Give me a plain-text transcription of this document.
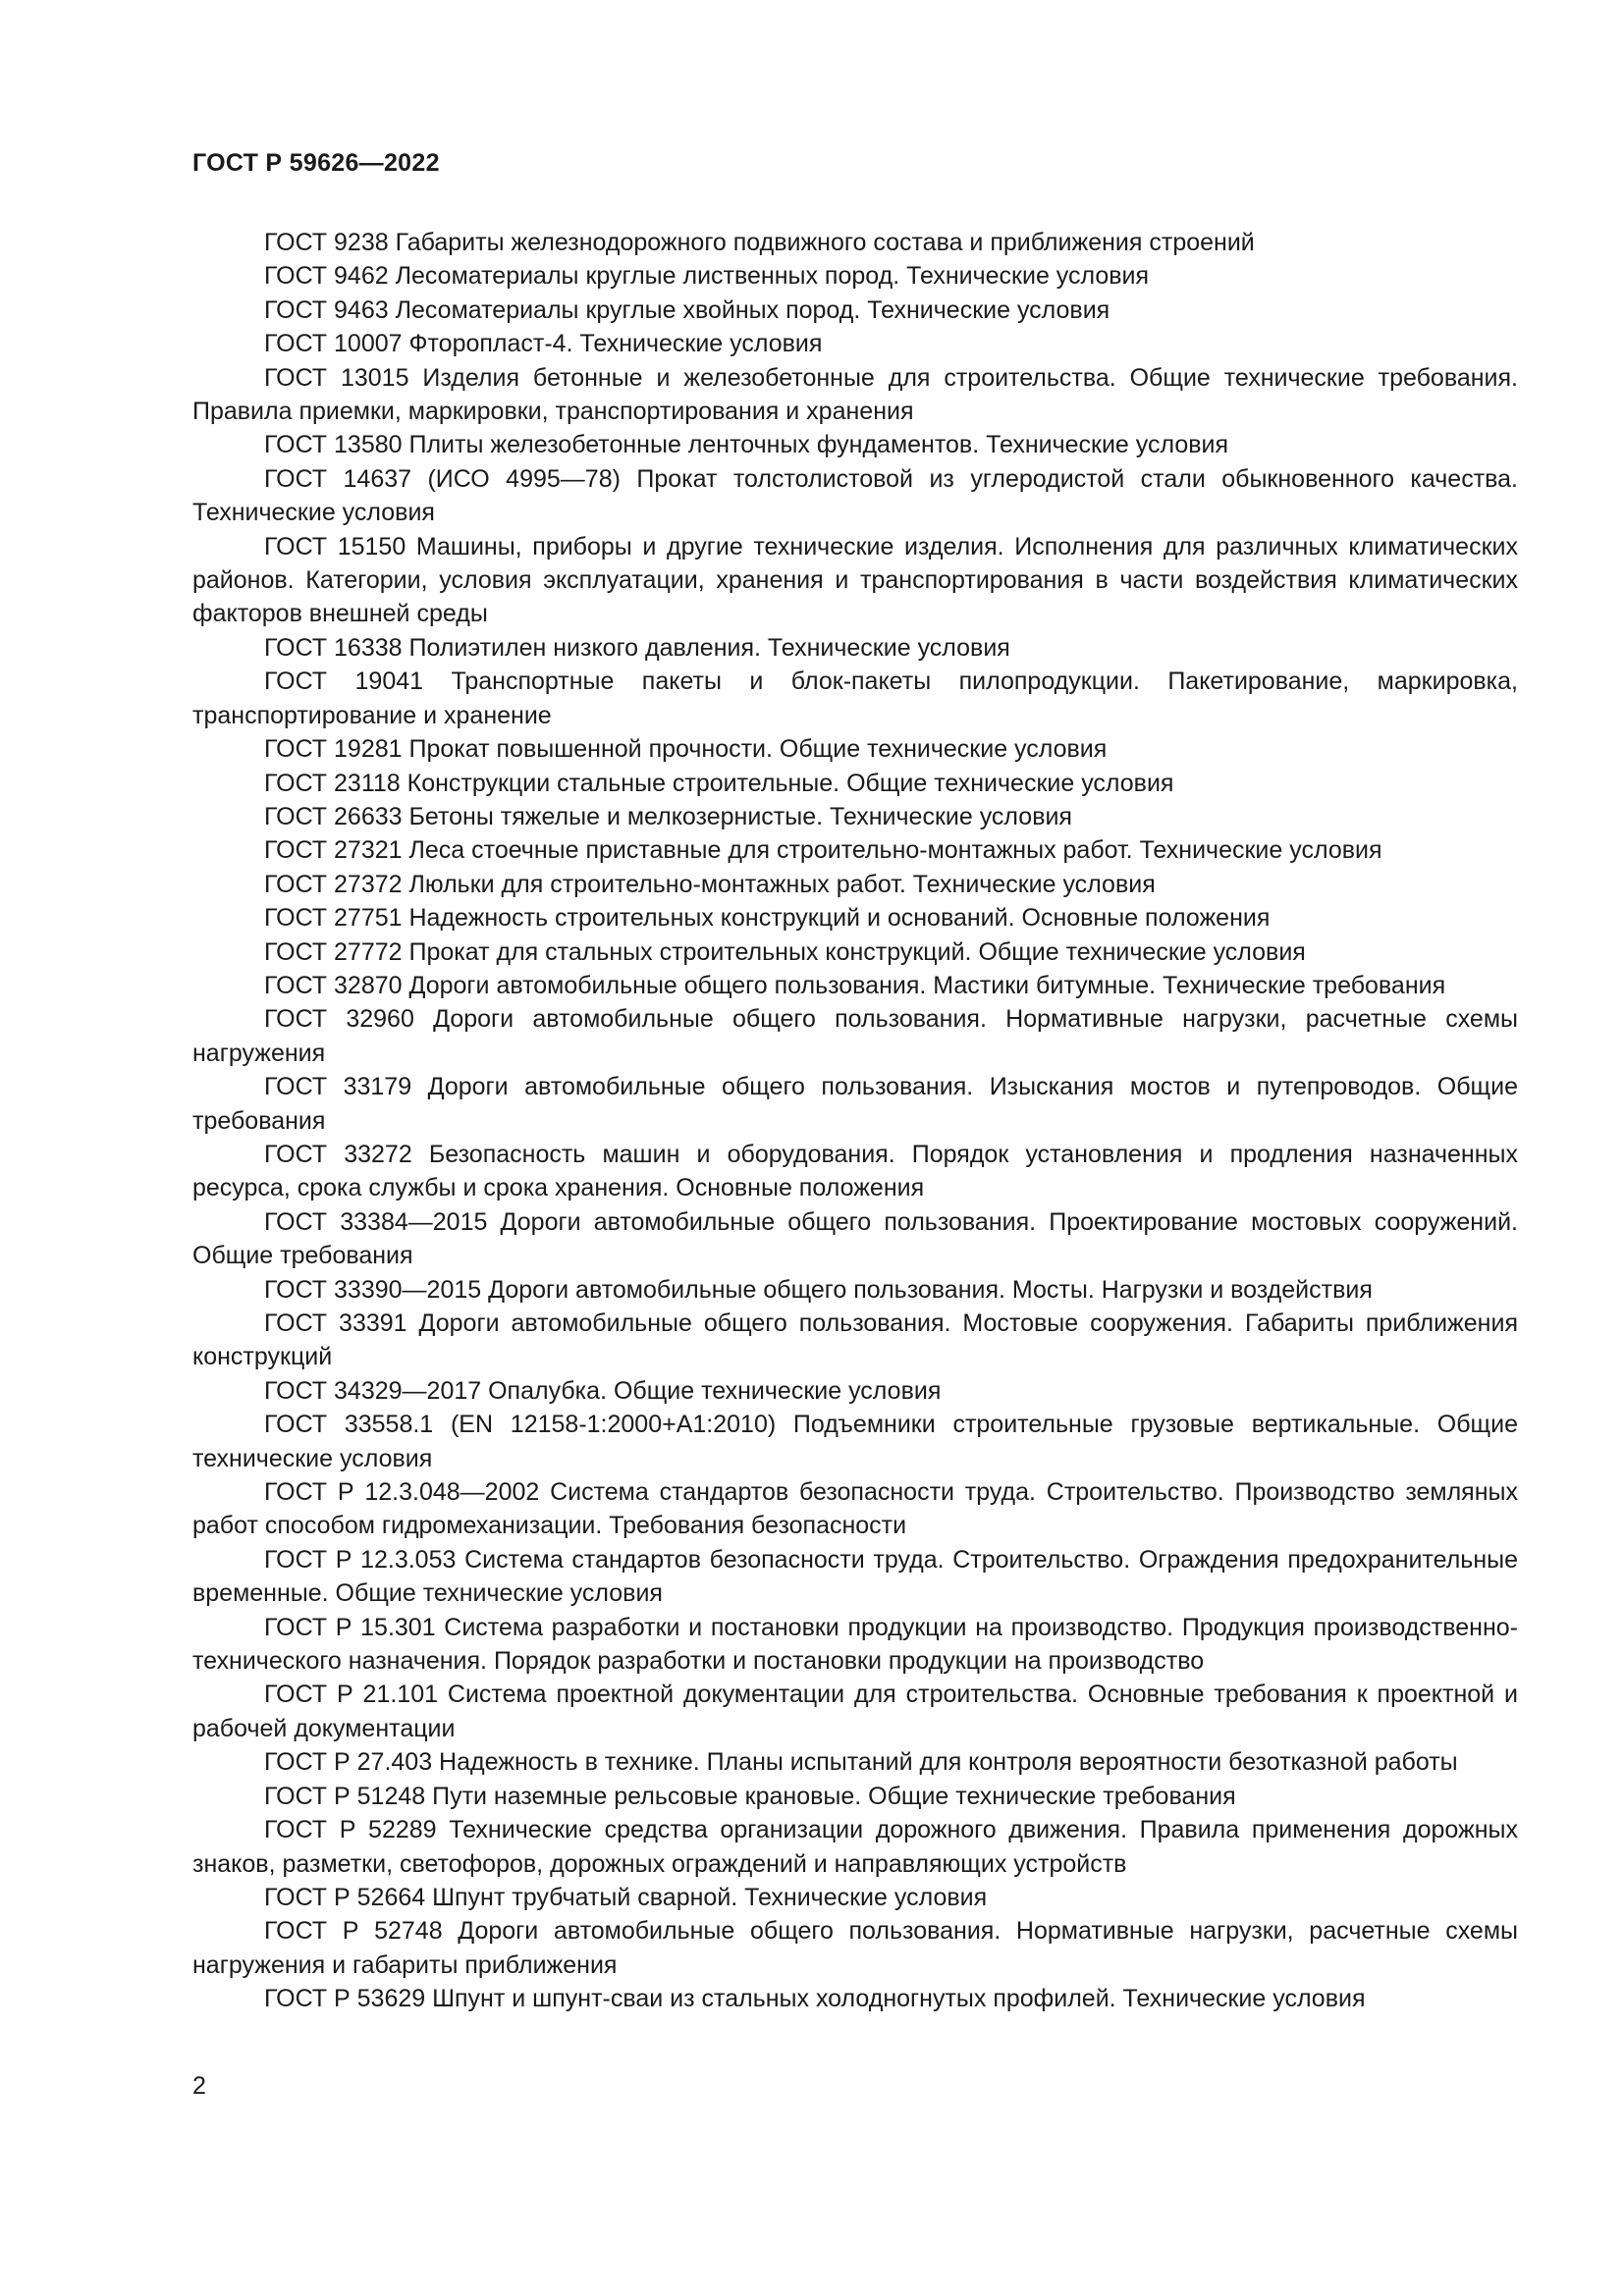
ГОСТ Р 59626—2022

ГОСТ 9238 Габариты железнодорожного подвижного состава и приближения строений

ГОСТ 9462 Лесоматериалы круглые лиственных пород. Технические условия

ГОСТ 9463 Лесоматериалы круглые хвойных пород. Технические условия

ГОСТ 10007 Фторопласт-4. Технические условия

ГОСТ 13015 Изделия бетонные и железобетонные для строительства. Общие технические требования. Правила приемки, маркировки, транспортирования и хранения

ГОСТ 13580 Плиты железобетонные ленточных фундаментов. Технические условия

ГОСТ 14637 (ИСО 4995—78) Прокат толстолистовой из углеродистой стали обыкновенного качества. Технические условия

ГОСТ 15150 Машины, приборы и другие технические изделия. Исполнения для различных климатических районов. Категории, условия эксплуатации, хранения и транспортирования в части воздействия климатических факторов внешней среды

ГОСТ 16338 Полиэтилен низкого давления. Технические условия

ГОСТ 19041 Транспортные пакеты и блок-пакеты пилопродукции. Пакетирование, маркировка, транспортирование и хранение

ГОСТ 19281 Прокат повышенной прочности. Общие технические условия

ГОСТ 23118 Конструкции стальные строительные. Общие технические условия

ГОСТ 26633 Бетоны тяжелые и мелкозернистые. Технические условия

ГОСТ 27321 Леса стоечные приставные для строительно-монтажных работ. Технические условия

ГОСТ 27372 Люльки для строительно-монтажных работ. Технические условия

ГОСТ 27751 Надежность строительных конструкций и оснований. Основные положения

ГОСТ 27772 Прокат для стальных строительных конструкций. Общие технические условия

ГОСТ 32870 Дороги автомобильные общего пользования. Мастики битумные. Технические требования

ГОСТ 32960 Дороги автомобильные общего пользования. Нормативные нагрузки, расчетные схемы нагружения

ГОСТ 33179 Дороги автомобильные общего пользования. Изыскания мостов и путепроводов. Общие требования

ГОСТ 33272 Безопасность машин и оборудования. Порядок установления и продления назначенных ресурса, срока службы и срока хранения. Основные положения

ГОСТ 33384—2015 Дороги автомобильные общего пользования. Проектирование мостовых сооружений. Общие требования

ГОСТ 33390—2015 Дороги автомобильные общего пользования. Мосты. Нагрузки и воздействия

ГОСТ 33391 Дороги автомобильные общего пользования. Мостовые сооружения. Габариты приближения конструкций

ГОСТ 34329—2017 Опалубка. Общие технические условия

ГОСТ 33558.1 (EN 12158-1:2000+A1:2010) Подъемники строительные грузовые вертикальные. Общие технические условия

ГОСТ Р 12.3.048—2002 Система стандартов безопасности труда. Строительство. Производство земляных работ способом гидромеханизации. Требования безопасности

ГОСТ Р 12.3.053 Система стандартов безопасности труда. Строительство. Ограждения предохранительные временные. Общие технические условия

ГОСТ Р 15.301 Система разработки и постановки продукции на производство. Продукция производственно-технического назначения. Порядок разработки и постановки продукции на производство

ГОСТ Р 21.101 Система проектной документации для строительства. Основные требования к проектной и рабочей документации

ГОСТ Р 27.403 Надежность в технике. Планы испытаний для контроля вероятности безотказной работы

ГОСТ Р 51248 Пути наземные рельсовые крановые. Общие технические требования

ГОСТ Р 52289 Технические средства организации дорожного движения. Правила применения дорожных знаков, разметки, светофоров, дорожных ограждений и направляющих устройств

ГОСТ Р 52664 Шпунт трубчатый сварной. Технические условия

ГОСТ Р 52748 Дороги автомобильные общего пользования. Нормативные нагрузки, расчетные схемы нагружения и габариты приближения

ГОСТ Р 53629 Шпунт и шпунт-сваи из стальных холодногнутых профилей. Технические условия

2
